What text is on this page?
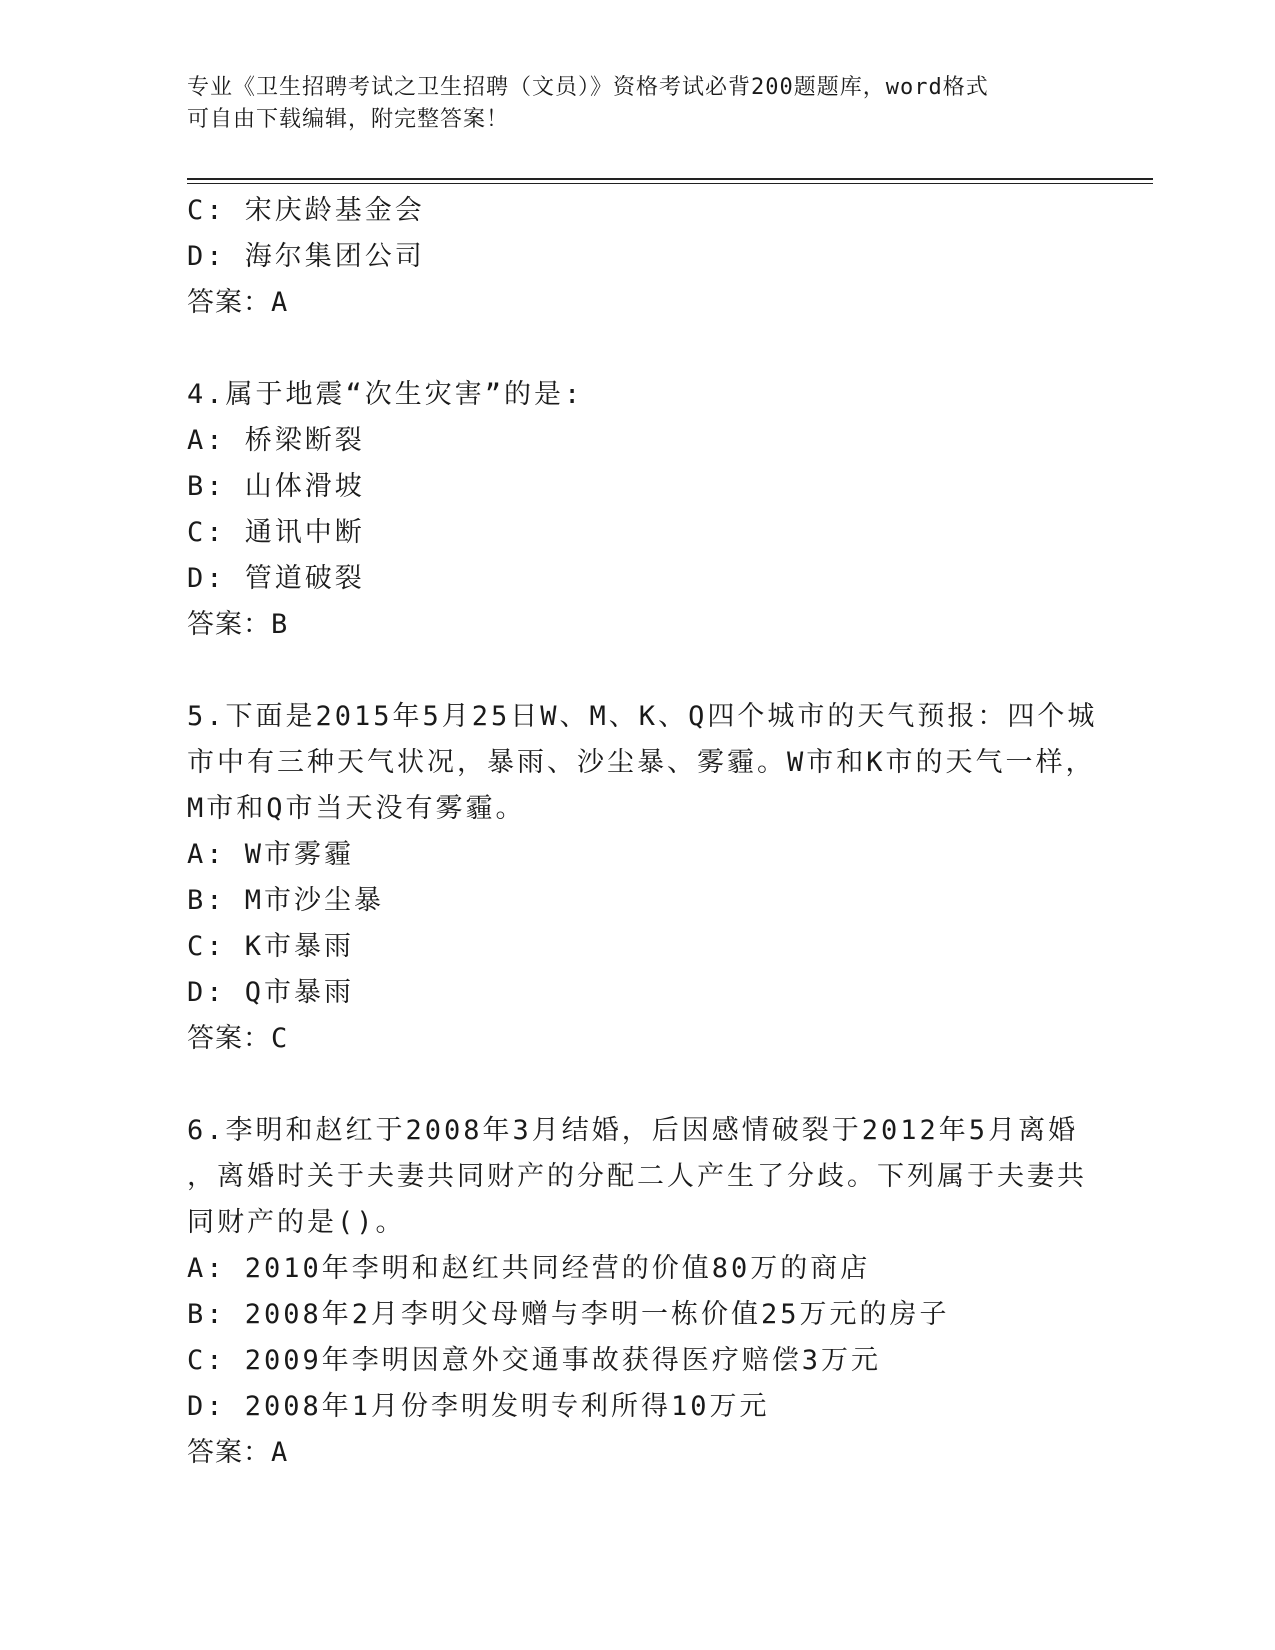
专业《卫生招聘考试之卫生招聘（文员）》资格考试必背200题题库，word格式
可自由下载编辑，附完整答案！
C: 宋庆龄基金会
D: 海尔集团公司
答案：A
4.属于地震“次生灾害”的是:
A: 桥梁断裂
B: 山体滑坡
C: 通讯中断
D: 管道破裂
答案：B
5.下面是2015年5月25日W、M、K、Q四个城市的天气预报：四个城
市中有三种天气状况，暴雨、沙尘暴、雾霾。W市和K市的天气一样，
M市和Q市当天没有雾霾。
A: W市雾霾
B: M市沙尘暴
C: K市暴雨
D: Q市暴雨
答案：C
6.李明和赵红于2008年3月结婚，后因感情破裂于2012年5月离婚
，离婚时关于夫妻共同财产的分配二人产生了分歧。下列属于夫妻共
同财产的是()。
A: 2010年李明和赵红共同经营的价值80万的商店
B: 2008年2月李明父母赠与李明一栋价值25万元的房子
C: 2009年李明因意外交通事故获得医疗赔偿3万元
D: 2008年1月份李明发明专利所得10万元
答案：A
